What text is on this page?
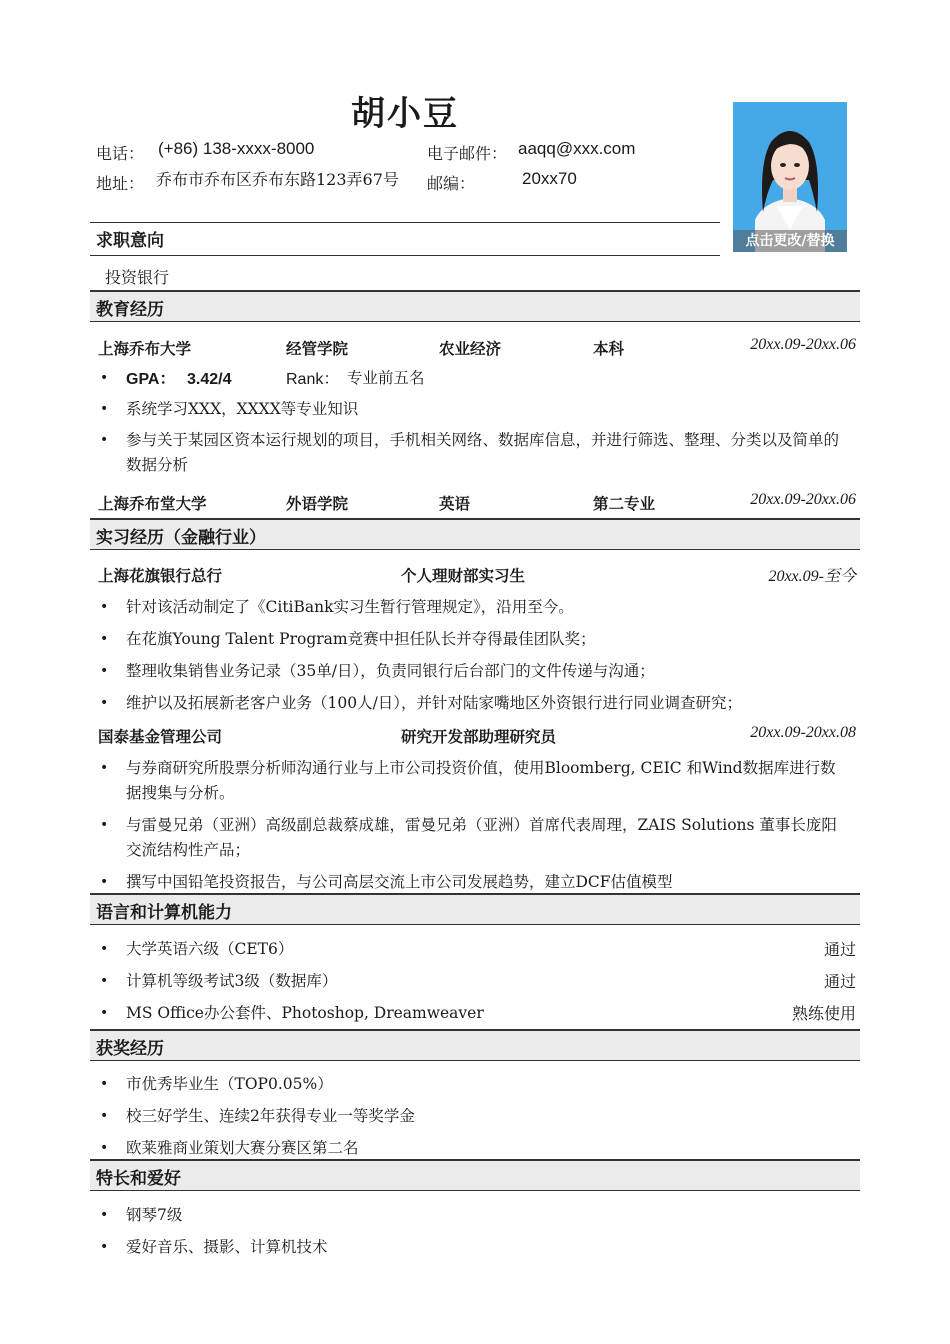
胡小豆
电话： (+86) 138-xxxx-8000	电子邮件： aaqq@xxx.com
地址： 乔布市乔布区乔布东路123弄67号	邮编：	20xx70
点击更改/替换
求职意向
投资银行
教育经历
上海乔布大学	经管学院	农业经济	本科	20xx.09-20xx.06
• GPA： 3.42/4	Rank： 专业前五名
• 系统学习XXX，XXXX等专业知识
• 参与关于某园区资本运行规划的项目，手机相关网络、数据库信息，并进行筛选、整理、分类以及简单的数据分析
上海乔布堂大学	外语学院	英语	第二专业	20xx.09-20xx.06
实习经历（金融行业）
上海花旗银行总行	个人理财部实习生	20xx.09-至今
• 针对该活动制定了《CitiBank实习生暂行管理规定》，沿用至今。
• 在花旗Young Talent Program竞赛中担任队长并夺得最佳团队奖；
• 整理收集销售业务记录（35单/日），负责同银行后台部门的文件传递与沟通；
• 维护以及拓展新老客户业务（100人/日），并针对陆家嘴地区外资银行进行同业调查研究；
国泰基金管理公司	研究开发部助理研究员	20xx.09-20xx.08
• 与券商研究所股票分析师沟通行业与上市公司投资价值，使用Bloomberg, CEIC 和Wind数据库进行数据搜集与分析。
• 与雷曼兄弟（亚洲）高级副总裁蔡成雄，雷曼兄弟（亚洲）首席代表周理，ZAIS Solutions 董事长庞阳交流结构性产品；
• 撰写中国铅笔投资报告，与公司高层交流上市公司发展趋势，建立DCF估值模型
语言和计算机能力
• 大学英语六级（CET6）	通过
• 计算机等级考试3级（数据库）	通过
• MS Office办公套件、Photoshop, Dreamweaver	熟练使用
获奖经历
• 市优秀毕业生（TOP0.05%）
• 校三好学生、连续2年获得专业一等奖学金
• 欧莱雅商业策划大赛分赛区第二名
特长和爱好
• 钢琴7级
• 爱好音乐、摄影、计算机技术
